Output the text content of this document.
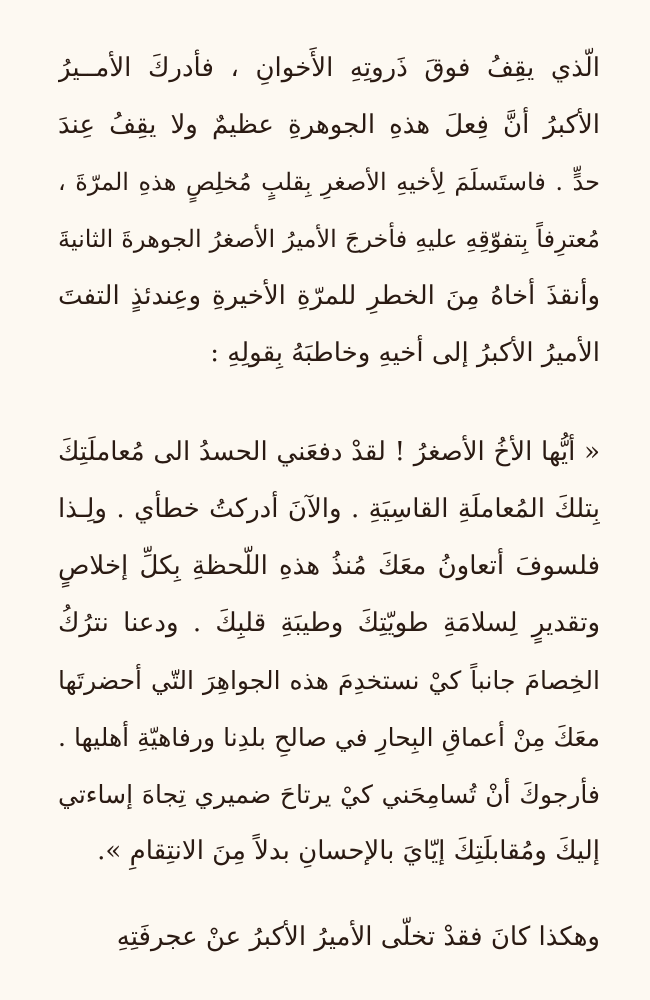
الّذي يقِفُ فوقَ ذَروتِهِ الأَخوانِ ، فأدركَ الأمــيرُ
الأكبرُ أنَّ فِعلَ هذهِ الجوهرةِ عظيمٌ ولا يقِفُ عِندَ
حدٍّ . فاستَسلَمَ لِأخيهِ الأصغرِ بِقلبٍ مُخلِصٍ هذهِ المرّةَ ،
مُعترِفاً بِتفوّقِهِ عليهِ فأخرجَ الأميرُ الأصغرُ الجوهرةَ الثانيةَ
وأنقذَ أخاهُ مِنَ الخطرِ للمرّةِ الأخيرةِ وعِندئذٍ التفتَ
الأميرُ الأكبرُ إلى أخيهِ وخاطبَهُ بِقولِهِ :
« أيُّها الأخُ الأصغرُ ! لقدْ دفعَني الحسدُ الى مُعاملَتِكَ
بِتلكَ المُعاملَةِ القاسِيَةِ . والآنَ أدركتُ خطأي . ولِـذا
فلسوفَ أتعاونُ معَكَ مُنذُ هذهِ اللّحظةِ بِكلِّ إخلاصٍ
وتقديرٍ لِسلامَةِ طويّتِكَ وطيبَةِ قلبِكَ . ودعنا نترُكُ
الخِصامَ جانباً كيْ نستخدِمَ هذه الجواهِرَ التّي أحضرتَها
معَكَ مِنْ أعماقِ البِحارِ في صالحِ بلدِنا ورفاهيّةِ أهليها .
فأرجوكَ أنْ تُسامِحَني كيْ يرتاحَ ضميري تِجاهَ إساءتي
إليكَ ومُقابلَتِكَ إيّايَ بالإحسانِ بدلاً مِنَ الانتِقامِ ».
وهكذا كانَ فقدْ تخلّى الأميرُ الأكبرُ عنْ عجرفَتِهِ
